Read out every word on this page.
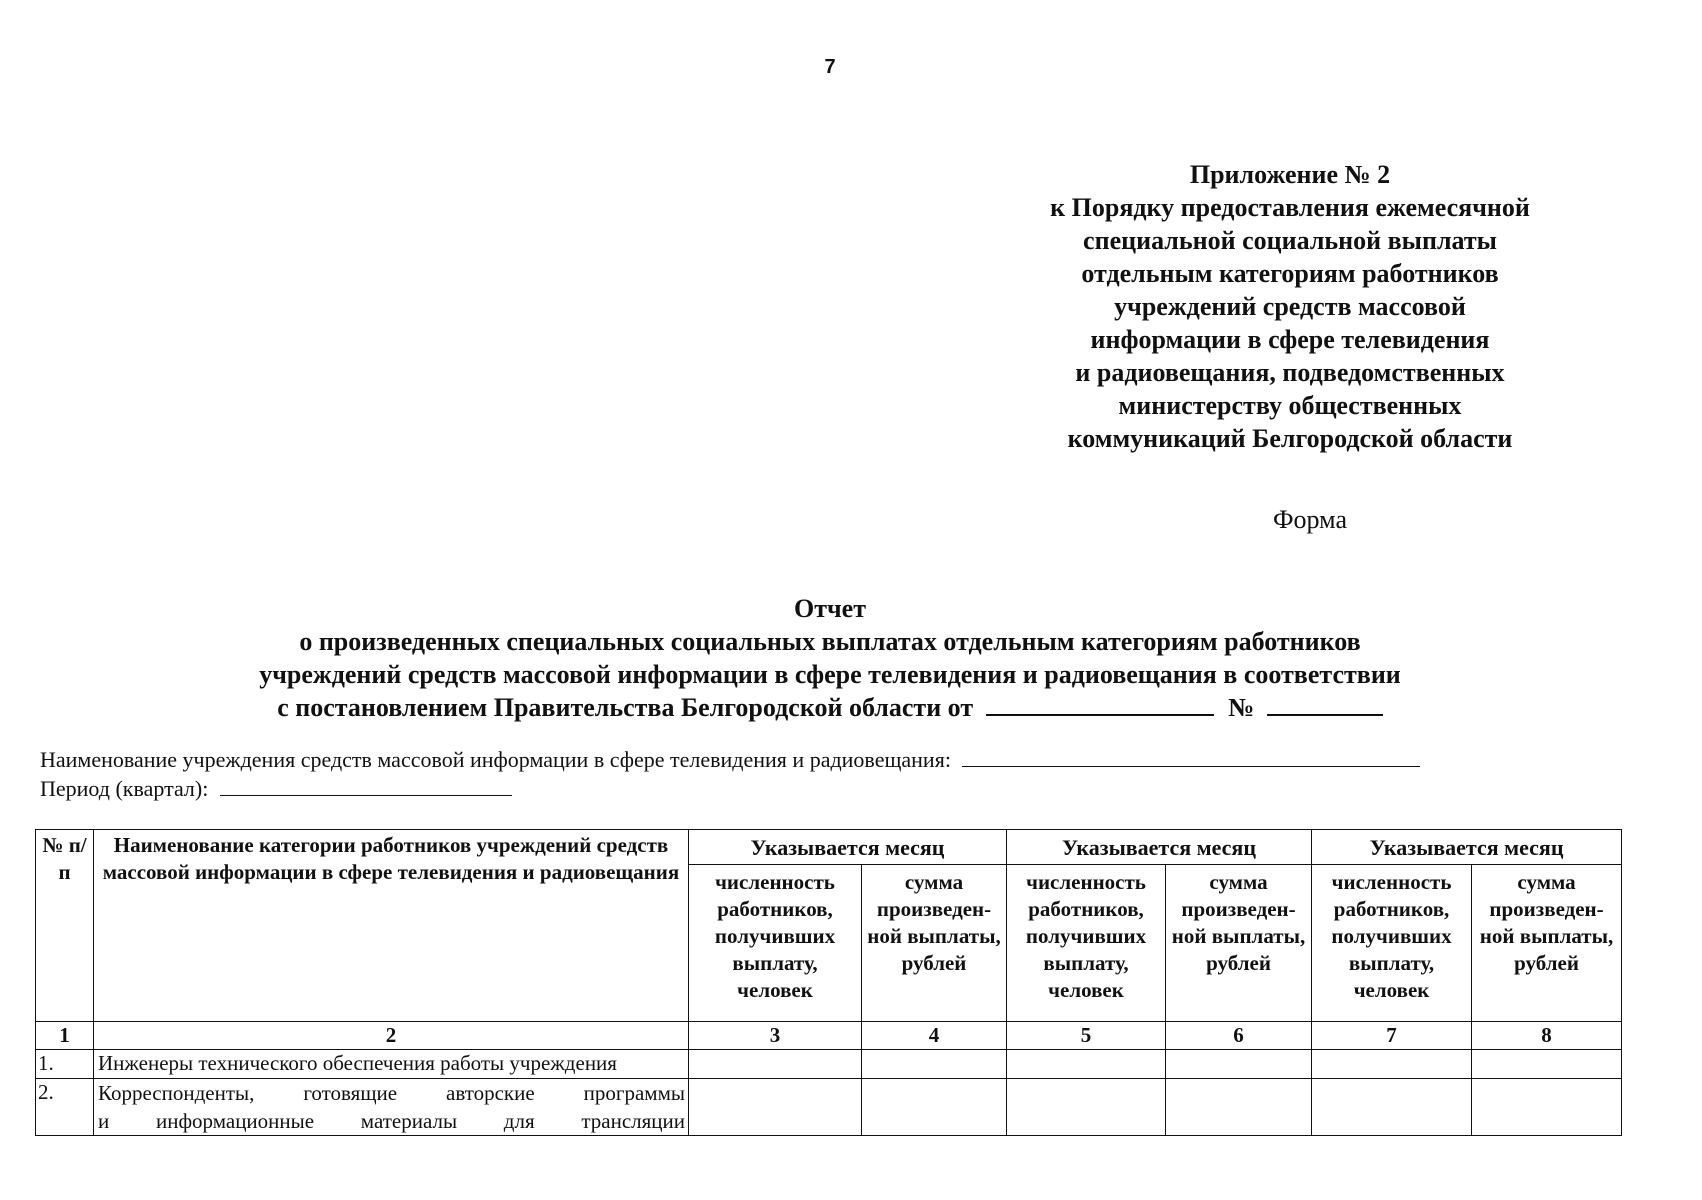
7
Приложение № 2
к Порядку предоставления ежемесячной
специальной социальной выплаты
отдельным категориям работников
учреждений средств массовой
информации в сфере телевидения
и радиовещания, подведомственных
министерству общественных
коммуникаций Белгородской области
Форма
Отчет
о произведенных специальных социальных выплатах отдельным категориям работников
учреждений средств массовой информации в сфере телевидения и радиовещания в соответствии
с постановлением Правительства Белгородской области от	№
Наименование учреждения средств массовой информации в сфере телевидения и радиовещания:
Период (квартал):
№ п/п	Наименование категории работников учреждений средств массовой информации в сфере телевидения и радиовещания	Указывается месяц		Указывается месяц		Указывается месяц	
		численность работников, получивших выплату, человек	сумма произведен-ной выплаты, рублей	численность работников, получивших выплату, человек	сумма произведен-ной выплаты, рублей	численность работников, получивших выплату, человек	сумма произведен-ной выплаты, рублей
1	2	3	4	5	6	7	8
1.	Инженеры технического обеспечения работы учреждения						
2.	Корреспонденты, готовящие авторские программы
и информационные материалы для трансляции						
